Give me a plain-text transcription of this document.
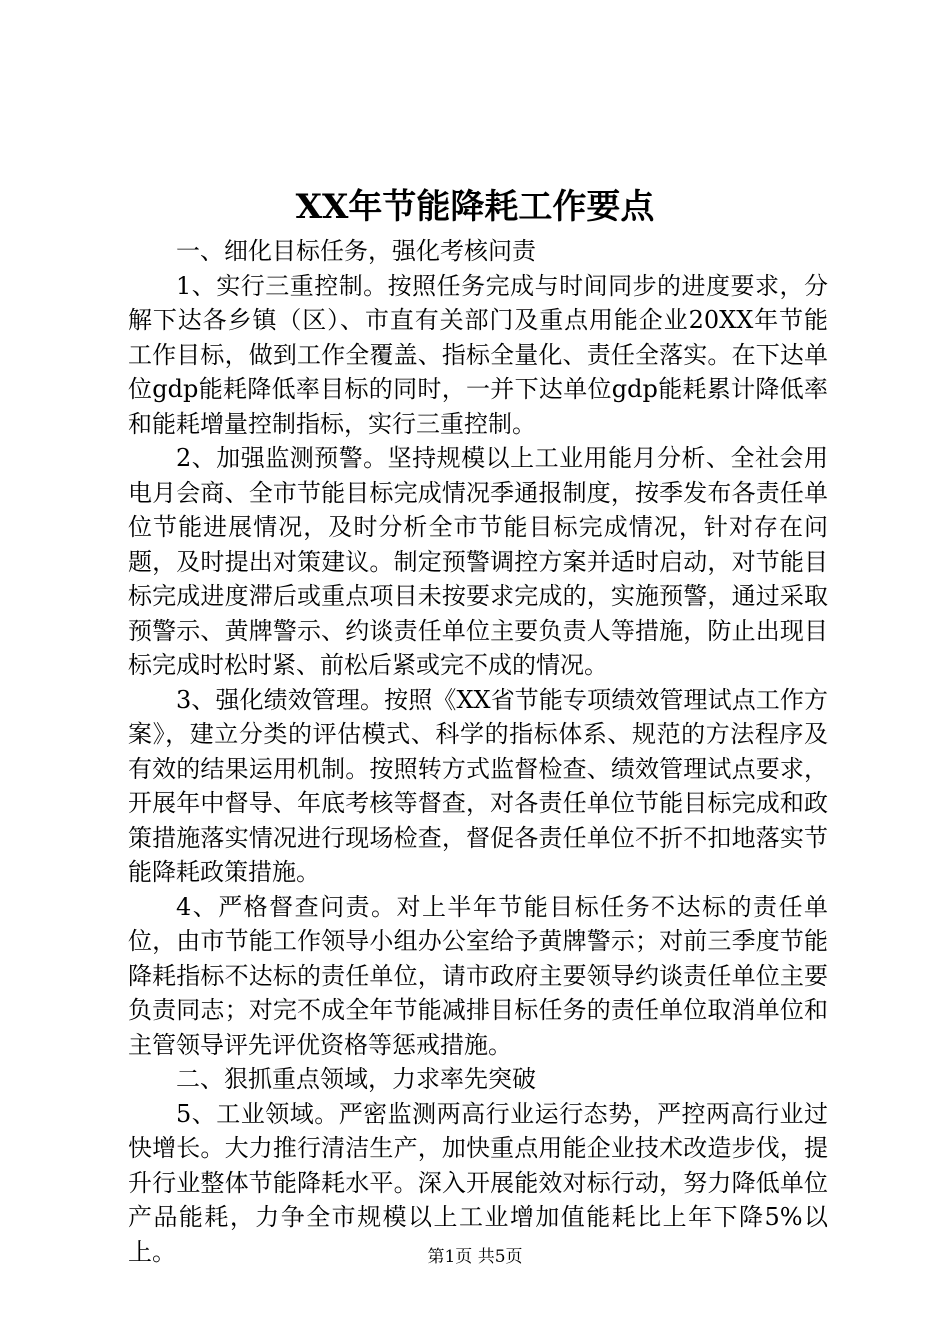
XX年节能降耗工作要点

一、细化目标任务，强化考核问责

1、实行三重控制。按照任务完成与时间同步的进度要求，分解下达各乡镇（区）、市直有关部门及重点用能企业20XX年节能工作目标，做到工作全覆盖、指标全量化、责任全落实。在下达单位gdp能耗降低率目标的同时，一并下达单位gdp能耗累计降低率和能耗增量控制指标，实行三重控制。

2、加强监测预警。坚持规模以上工业用能月分析、全社会用电月会商、全市节能目标完成情况季通报制度，按季发布各责任单位节能进展情况，及时分析全市节能目标完成情况，针对存在问题，及时提出对策建议。制定预警调控方案并适时启动，对节能目标完成进度滞后或重点项目未按要求完成的，实施预警，通过采取预警示、黄牌警示、约谈责任单位主要负责人等措施，防止出现目标完成时松时紧、前松后紧或完不成的情况。

3、强化绩效管理。按照《XX省节能专项绩效管理试点工作方案》，建立分类的评估模式、科学的指标体系、规范的方法程序及有效的结果运用机制。按照转方式监督检查、绩效管理试点要求，开展年中督导、年底考核等督查，对各责任单位节能目标完成和政策措施落实情况进行现场检查，督促各责任单位不折不扣地落实节能降耗政策措施。

4、严格督查问责。对上半年节能目标任务不达标的责任单位，由市节能工作领导小组办公室给予黄牌警示；对前三季度节能降耗指标不达标的责任单位，请市政府主要领导约谈责任单位主要负责同志；对完不成全年节能减排目标任务的责任单位取消单位和主管领导评先评优资格等惩戒措施。

二、狠抓重点领域，力求率先突破

5、工业领域。严密监测两高行业运行态势，严控两高行业过快增长。大力推行清洁生产，加快重点用能企业技术改造步伐，提升行业整体节能降耗水平。深入开展能效对标行动，努力降低单位产品能耗，力争全市规模以上工业增加值能耗比上年下降5%以上。	第1页 共5页
